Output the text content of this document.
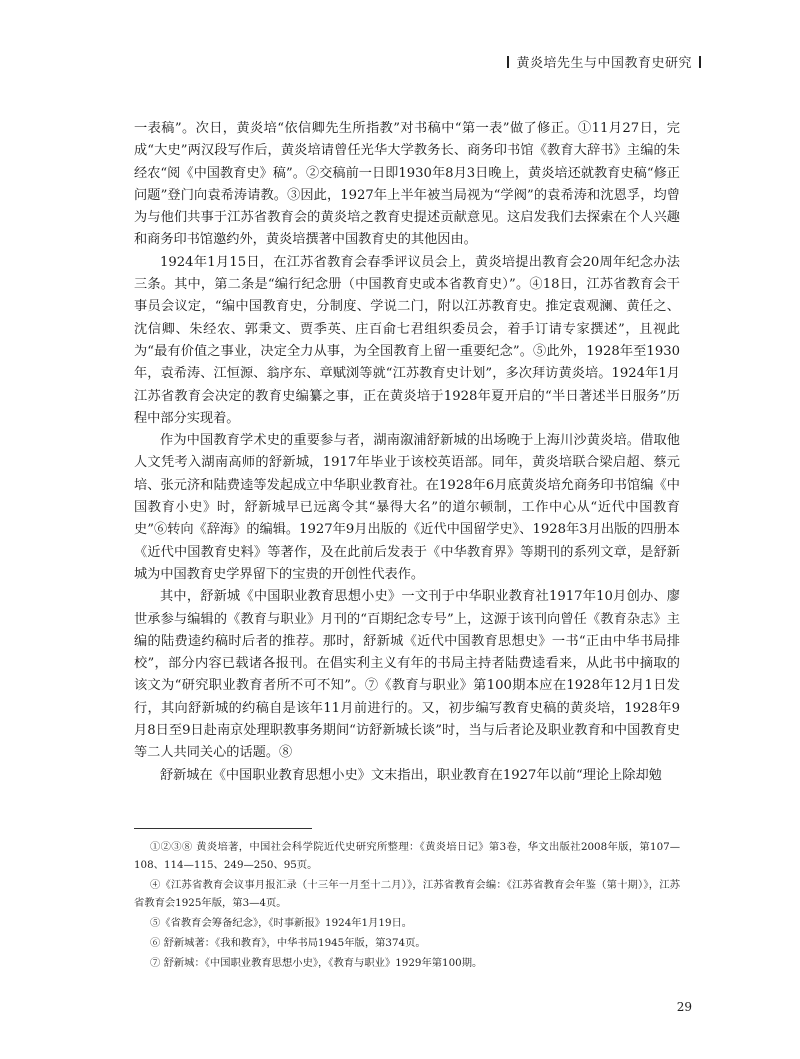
黄炎培先生与中国教育史研究

一表稿”。次日，黄炎培“依信卿先生所指教”对书稿中“第一表”做了修正。①11月27日，完成“大史”两汉段写作后，黄炎培请曾任光华大学教务长、商务印书馆《教育大辞书》主编的朱经农“阅《中国教育史》稿”。②交稿前一日即1930年8月3日晚上，黄炎培还就教育史稿“修正问题”登门向袁希涛请教。③因此，1927年上半年被当局视为“学阀”的袁希涛和沈恩孚，均曾为与他们共事于江苏省教育会的黄炎培之教育史提述贡献意见。这启发我们去探索在个人兴趣和商务印书馆邀约外，黄炎培撰著中国教育史的其他因由。

1924年1月15日，在江苏省教育会春季评议员会上，黄炎培提出教育会20周年纪念办法三条。其中，第二条是“编行纪念册（中国教育史或本省教育史）”。④18日，江苏省教育会干事员会议定，“编中国教育史，分制度、学说二门，附以江苏教育史。推定袁观澜、黄任之、沈信卿、朱经农、郭秉文、贾季英、庄百俞七君组织委员会，着手订请专家撰述”，且视此为“最有价值之事业，决定全力从事，为全国教育上留一重要纪念”。⑤此外，1928年至1930年，袁希涛、江恒源、翁序东、章赋浏等就“江苏教育史计划”，多次拜访黄炎培。1924年1月江苏省教育会决定的教育史编纂之事，正在黄炎培于1928年夏开启的“半日著述半日服务”历程中部分实现着。

作为中国教育学术史的重要参与者，湖南溆浦舒新城的出场晚于上海川沙黄炎培。借取他人文凭考入湖南高师的舒新城，1917年毕业于该校英语部。同年，黄炎培联合梁启超、蔡元培、张元济和陆费逵等发起成立中华职业教育社。在1928年6月底黄炎培允商务印书馆编《中国教育小史》时，舒新城早已远离令其“暴得大名”的道尔顿制，工作中心从“近代中国教育史”⑥转向《辞海》的编辑。1927年9月出版的《近代中国留学史》、1928年3月出版的四册本《近代中国教育史料》等著作，及在此前后发表于《中华教育界》等期刊的系列文章，是舒新城为中国教育史学界留下的宝贵的开创性代表作。

其中，舒新城《中国职业教育思想小史》一文刊于中华职业教育社1917年10月创办、廖世承参与编辑的《教育与职业》月刊的“百期纪念专号”上，这源于该刊向曾任《教育杂志》主编的陆费逵约稿时后者的推荐。那时，舒新城《近代中国教育思想史》一书“正由中华书局排校”，部分内容已载诸各报刊。在倡实利主义有年的书局主持者陆费逵看来，从此书中摘取的该文为“研究职业教育者所不可不知”。⑦《教育与职业》第100期本应在1928年12月1日发行，其向舒新城的约稿自是该年11月前进行的。又，初步编写教育史稿的黄炎培，1928年9月8日至9日赴南京处理职教事务期间“访舒新城长谈”时，当与后者论及职业教育和中国教育史等二人共同关心的话题。⑧

舒新城在《中国职业教育思想小史》文末指出，职业教育在1927年以前“理论上除却勉

①②③⑧ 黄炎培著，中国社会科学院近代史研究所整理：《黄炎培日记》第3卷，华文出版社2008年版，第107—108、114—115、249—250、95页。

④《江苏省教育会议事月报汇录（十三年一月至十二月）》，江苏省教育会编：《江苏省教育会年鉴（第十期）》，江苏省教育会1925年版，第3—4页。

⑤《省教育会筹备纪念》，《时事新报》1924年1月19日。

⑥ 舒新城著：《我和教育》，中华书局1945年版，第374页。

⑦ 舒新城：《中国职业教育思想小史》，《教育与职业》1929年第100期。

29
